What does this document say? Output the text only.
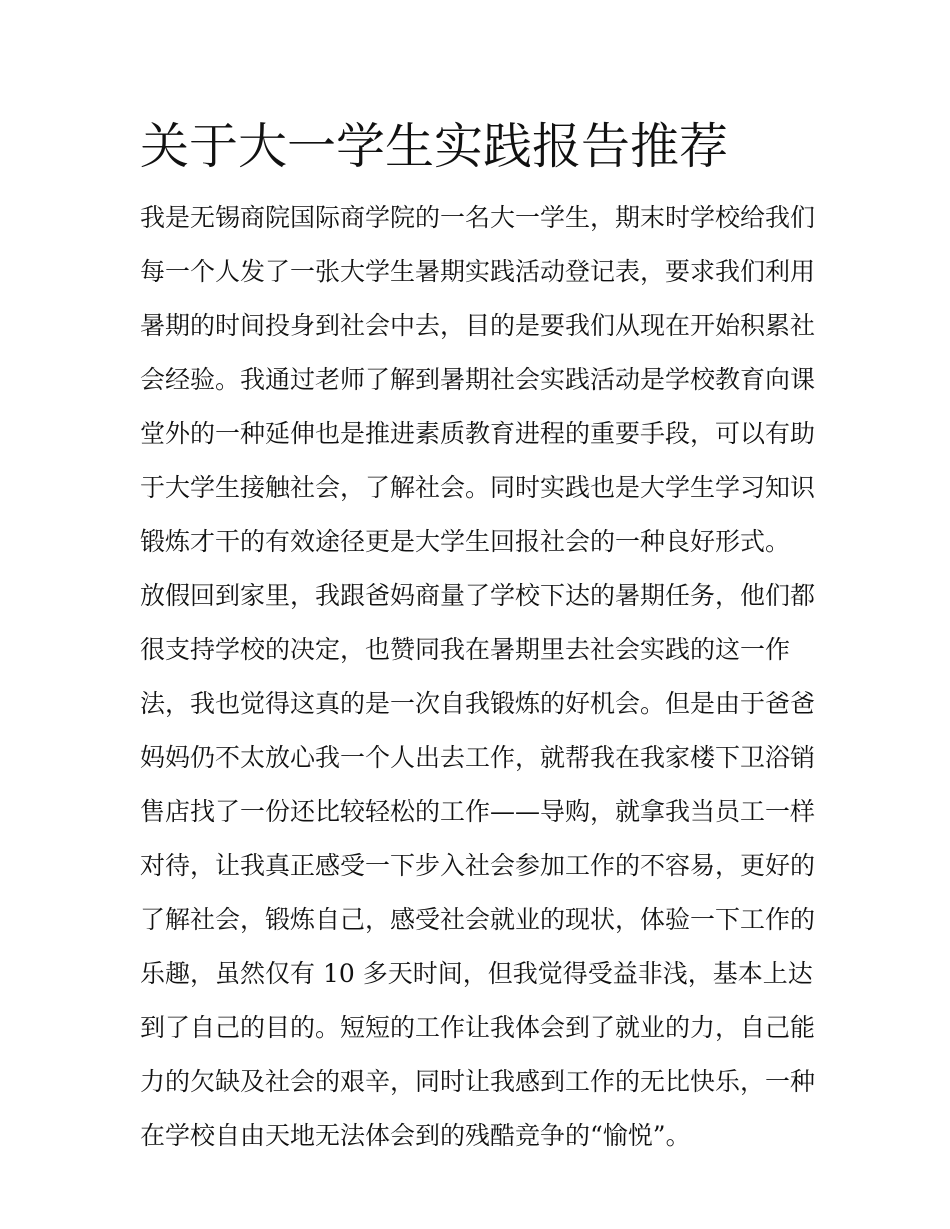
关于大一学生实践报告推荐

我是无锡商院国际商学院的一名大一学生，期末时学校给我们

每一个人发了一张大学生暑期实践活动登记表，要求我们利用

暑期的时间投身到社会中去，目的是要我们从现在开始积累社

会经验。我通过老师了解到暑期社会实践活动是学校教育向课

堂外的一种延伸也是推进素质教育进程的重要手段，可以有助

于大学生接触社会，了解社会。同时实践也是大学生学习知识

锻炼才干的有效途径更是大学生回报社会的一种良好形式。

放假回到家里，我跟爸妈商量了学校下达的暑期任务，他们都

很支持学校的决定，也赞同我在暑期里去社会实践的这一作

法，我也觉得这真的是一次自我锻炼的好机会。但是由于爸爸

妈妈仍不太放心我一个人出去工作，就帮我在我家楼下卫浴销

售店找了一份还比较轻松的工作——导购，就拿我当员工一样

对待，让我真正感受一下步入社会参加工作的不容易，更好的

了解社会，锻炼自己，感受社会就业的现状，体验一下工作的

乐趣，虽然仅有 10 多天时间，但我觉得受益非浅，基本上达

到了自己的目的。短短的工作让我体会到了就业的力，自己能

力的欠缺及社会的艰辛，同时让我感到工作的无比快乐，一种

在学校自由天地无法体会到的残酷竞争的“愉悦”。
